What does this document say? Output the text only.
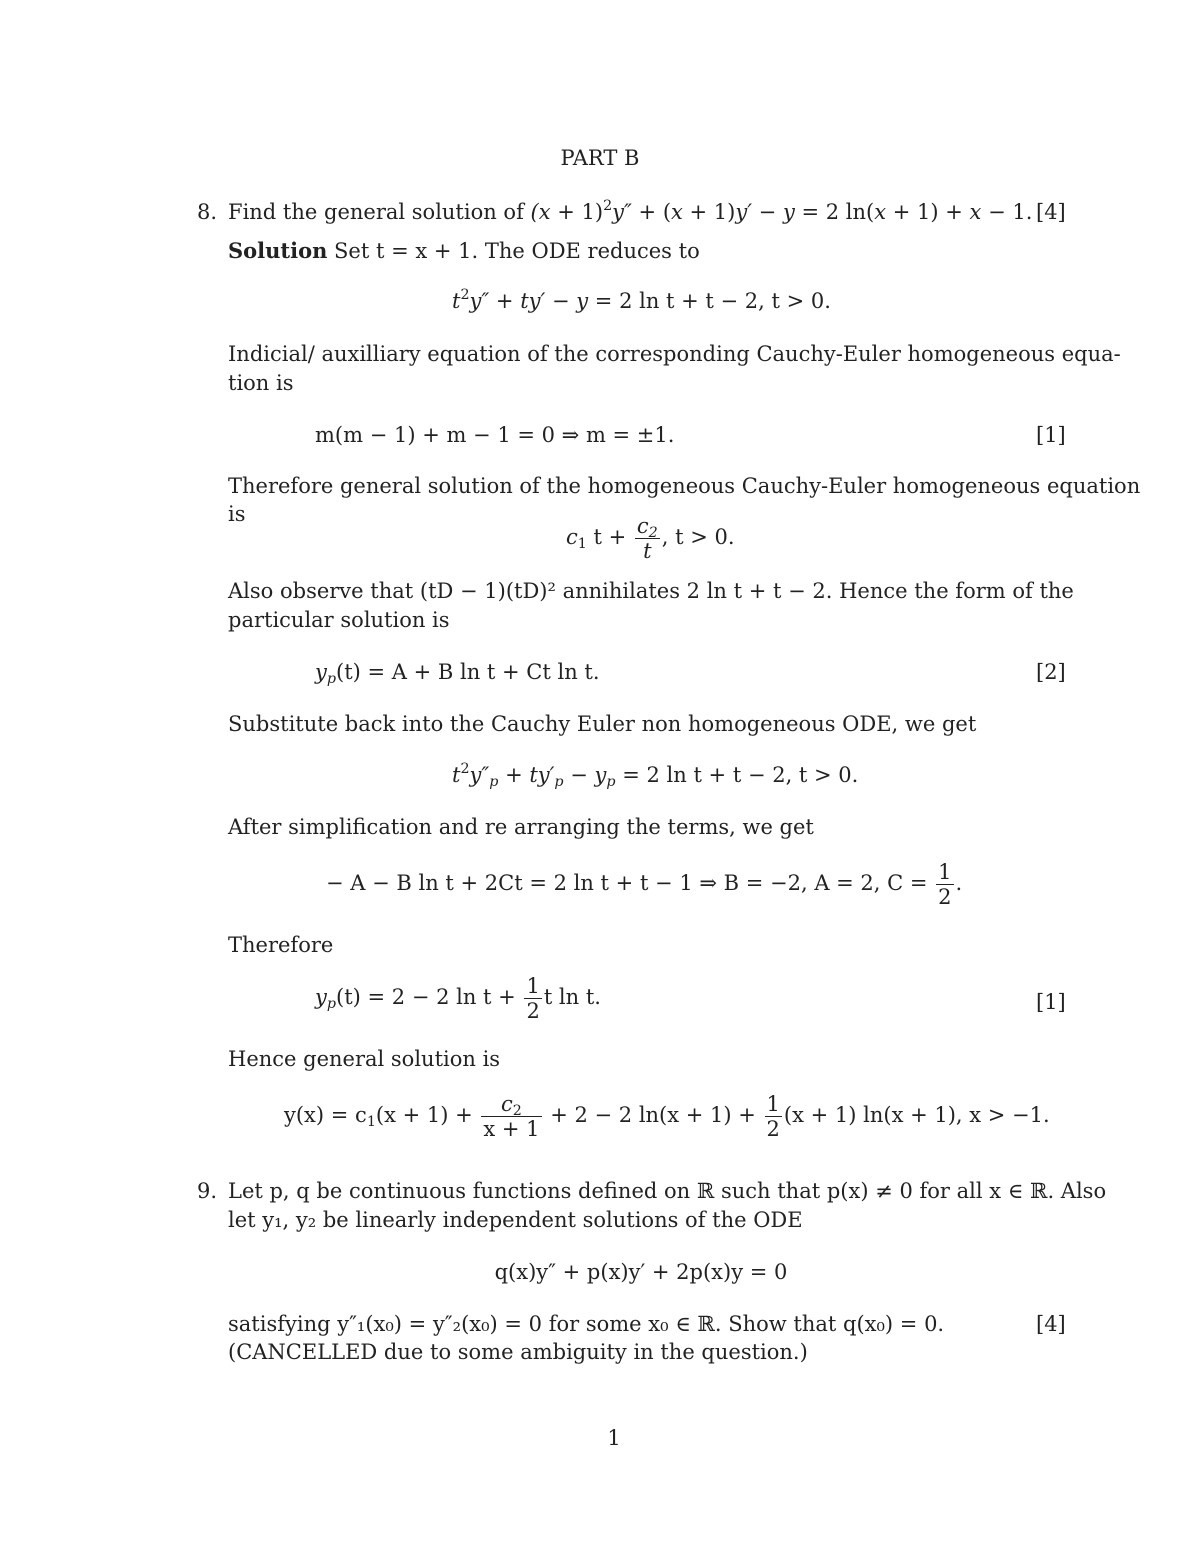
PART B
8. Find the general solution of $(x + 1)^2y'' + (x + 1)y' - y = 2$ ln(x + 1) + x − 1. [4]
Solution Set t = x + 1. The ODE reduces to
$t^2y'' + ty' - y = 2$ ln t + t − 2, t > 0.
Indicial/ auxilliary equation of the corresponding Cauchy-Euler homogeneous equa-
tion is
m(m − 1) + m − 1 = 0 ⇒ m = ±1.	[1]
Therefore general solution of the homogeneous Cauchy-Euler homogeneous equation
is
$c_1$ $t + \frac{c_2}{t}$ , t > 0.
Also observe that (tD − 1)(tD)² annihilates 2 ln t + t − 2. Hence the form of the
particular solution is
$y_p(t) = A + B$ ln t + Ct ln t.	[2]
Substitute back into the Cauchy Euler non homogeneous ODE, we get
$t^2y''_p + ty'_p - y_p = 2$ ln t + t − 2, t > 0.
After simplification and re arranging the terms, we get
− A − B ln t + 2Ct = 2 ln t + t − 1 ⇒ B = −2, A = 2, $C = \frac{1}{2}$ .
Therefore
$y_p(t) = 2 - 2$ $\ln t + \frac{1}{2}$ t ln t.	[1]
Hence general solution is
$y(x) = c_1(x + 1) + \frac{c_2}{x + 1} + 2 - 2$ $\ln(x + 1) + \frac{1}{2} (x + 1) \ln(x + 1)$, x > −1.
9. Let p, q be continuous functions defined on ℝ such that p(x) ≠ 0 for all x ∈ ℝ. Also
let y₁, y₂ be linearly independent solutions of the ODE
q(x)y″ + p(x)y′ + 2p(x)y = 0
satisfying y″₁(x₀) = y″₂(x₀) = 0 for some x₀ ∈ ℝ. Show that q(x₀) = 0.	[4]
(CANCELLED due to some ambiguity in the question.)
1
